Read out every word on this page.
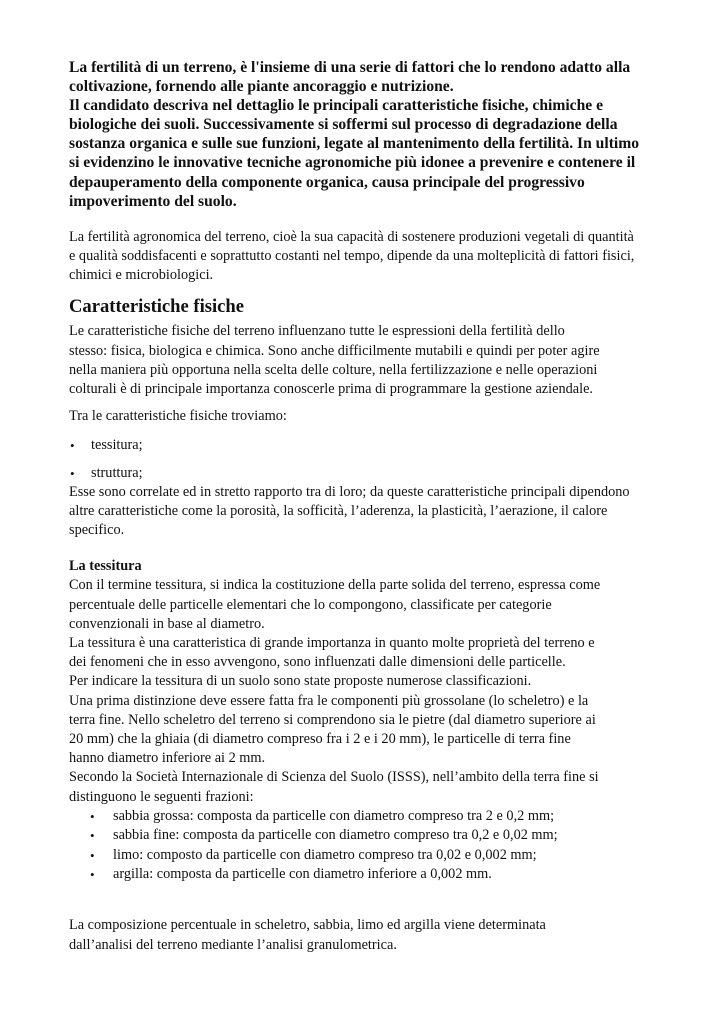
La fertilità di un terreno, è l'insieme di una serie di fattori che lo rendono adatto alla
coltivazione, fornendo alle piante ancoraggio e nutrizione.
Il candidato descriva nel dettaglio le principali caratteristiche fisiche, chimiche e
biologiche dei suoli. Successivamente si soffermi sul processo di degradazione della
sostanza organica e sulle sue funzioni, legate al mantenimento della fertilità. In ultimo
si evidenzino le innovative tecniche agronomiche più idonee a prevenire e contenere il
depauperamento della componente organica, causa principale del progressivo
impoverimento del suolo.
La fertilità agronomica del terreno, cioè la sua capacità di sostenere produzioni vegetali di quantità
e qualità soddisfacenti e soprattutto costanti nel tempo, dipende da una molteplicità di fattori fisici,
chimici e microbiologici.
Caratteristiche fisiche
Le caratteristiche fisiche del terreno influenzano tutte le espressioni della fertilità dello
stesso: fisica, biologica e chimica. Sono anche difficilmente mutabili e quindi per poter agire
nella maniera più opportuna nella scelta delle colture, nella fertilizzazione e nelle operazioni
colturali è di principale importanza conoscerle prima di programmare la gestione aziendale.

Tra le caratteristiche fisiche troviamo:

• tessitura;
• struttura;
Esse sono correlate ed in stretto rapporto tra di loro; da queste caratteristiche principali dipendono
altre caratteristiche come la porosità, la sofficità, l’aderenza, la plasticità, l’aerazione, il calore
specifico.
La tessitura
Con il termine tessitura, si indica la costituzione della parte solida del terreno, espressa come
percentuale delle particelle elementari che lo compongono, classificate per categorie
convenzionali in base al diametro.
La tessitura è una caratteristica di grande importanza in quanto molte proprietà del terreno e
dei fenomeni che in esso avvengono, sono influenzati dalle dimensioni delle particelle.
Per indicare la tessitura di un suolo sono state proposte numerose classificazioni.
Una prima distinzione deve essere fatta fra le componenti più grossolane (lo scheletro) e la
terra fine. Nello scheletro del terreno si comprendono sia le pietre (dal diametro superiore ai
20 mm) che la ghiaia (di diametro compreso fra i 2 e i 20 mm), le particelle di terra fine
hanno diametro inferiore ai 2 mm.
Secondo la Società Internazionale di Scienza del Suolo (ISSS), nell’ambito della terra fine si
distinguono le seguenti frazioni:
• sabbia grossa: composta da particelle con diametro compreso tra 2 e 0,2 mm;
• sabbia fine: composta da particelle con diametro compreso tra 0,2 e 0,02 mm;
• limo: composto da particelle con diametro compreso tra 0,02 e 0,002 mm;
• argilla: composta da particelle con diametro inferiore a 0,002 mm.
La composizione percentuale in scheletro, sabbia, limo ed argilla viene determinata
dall’analisi del terreno mediante l’analisi granulometrica.
